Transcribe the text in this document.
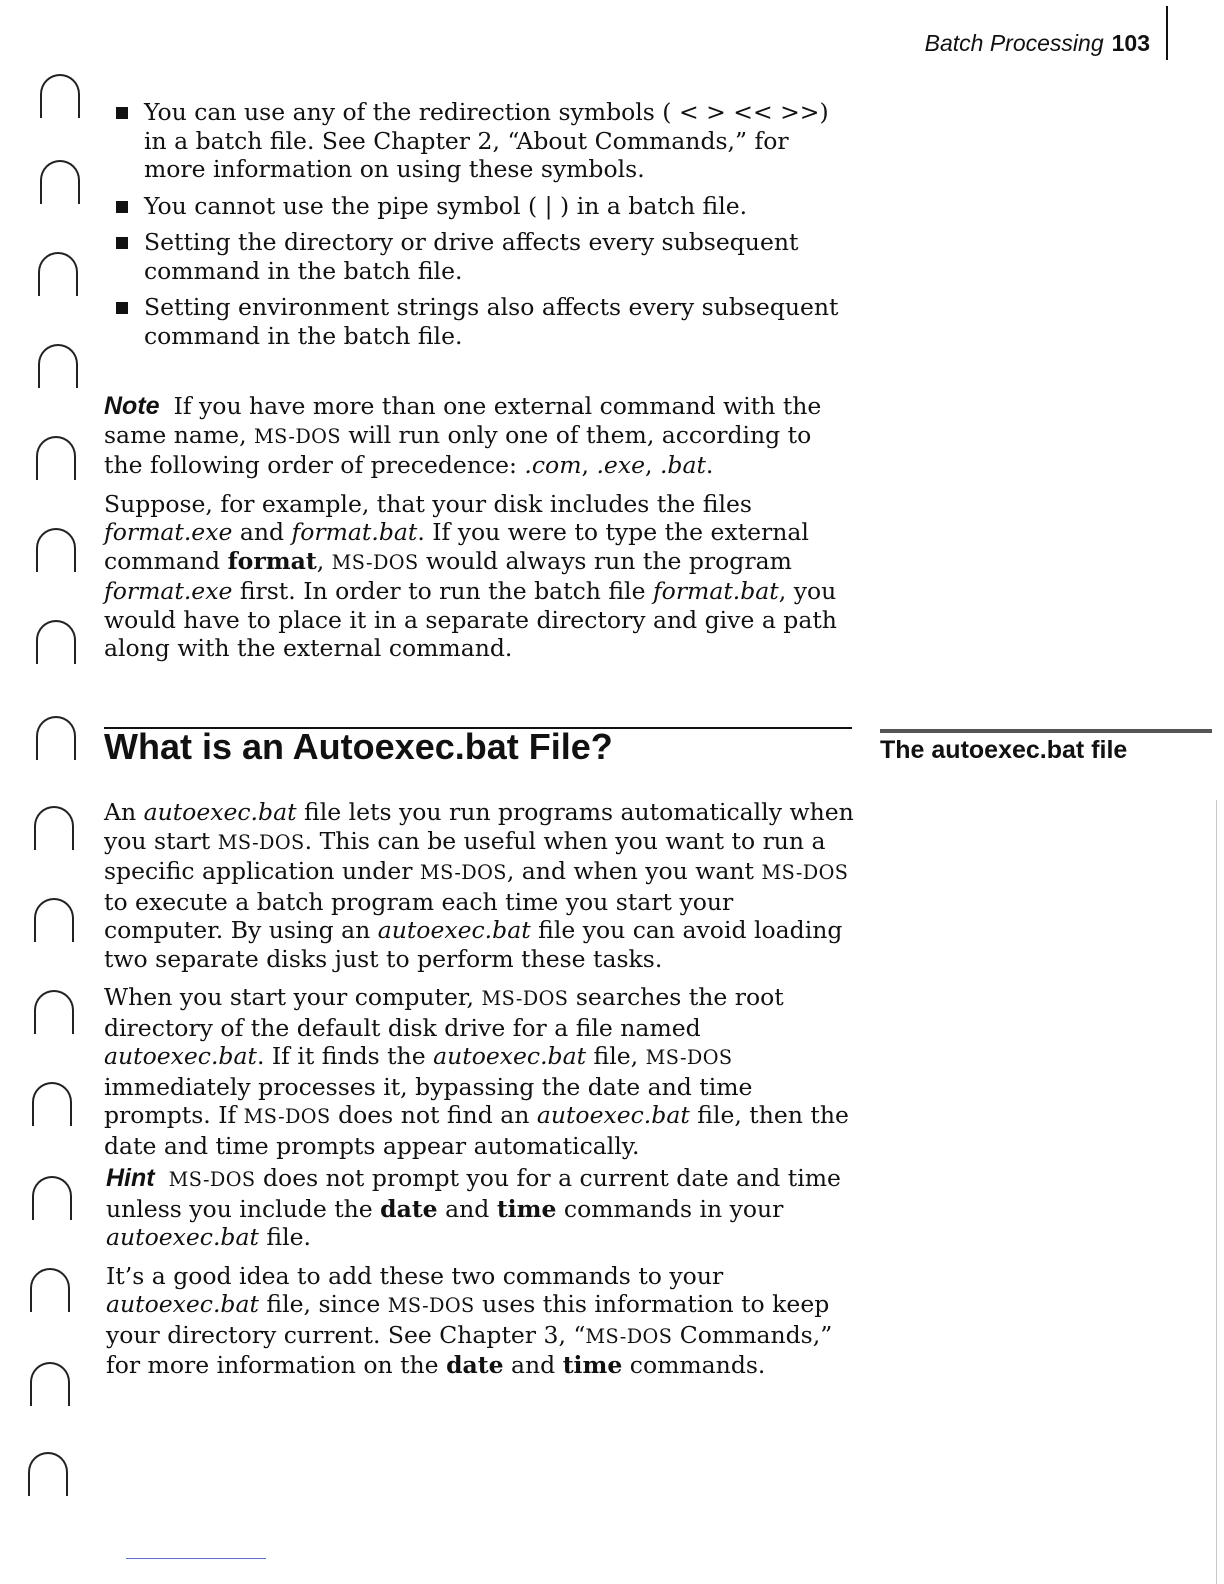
Batch Processing 103
You can use any of the redirection symbols ( < > << >>) in a batch file. See Chapter 2, “About Commands,” for more information on using these symbols.
You cannot use the pipe symbol ( | ) in a batch file.
Setting the directory or drive affects every subsequent command in the batch file.
Setting environment strings also affects every subsequent command in the batch file.

Note If you have more than one external command with the same name, MS-DOS will run only one of them, according to the following order of precedence: .com, .exe, .bat.

Suppose, for example, that your disk includes the files format.exe and format.bat. If you were to type the external command format, MS-DOS would always run the program format.exe first. In order to run the batch file format.bat, you would have to place it in a separate directory and give a path along with the external command.

What is an Autoexec.bat File?	The autoexec.bat file

An autoexec.bat file lets you run programs automatically when you start MS-DOS. This can be useful when you want to run a specific application under MS-DOS, and when you want MS-DOS to execute a batch program each time you start your computer. By using an autoexec.bat file you can avoid loading two separate disks just to perform these tasks.

When you start your computer, MS-DOS searches the root directory of the default disk drive for a file named autoexec.bat. If it finds the autoexec.bat file, MS-DOS immediately processes it, bypassing the date and time prompts. If MS-DOS does not find an autoexec.bat file, then the date and time prompts appear automatically.

Hint MS-DOS does not prompt you for a current date and time unless you include the date and time commands in your autoexec.bat file.

It’s a good idea to add these two commands to your autoexec.bat file, since MS-DOS uses this information to keep your directory current. See Chapter 3, “MS-DOS Commands,” for more information on the date and time commands.
